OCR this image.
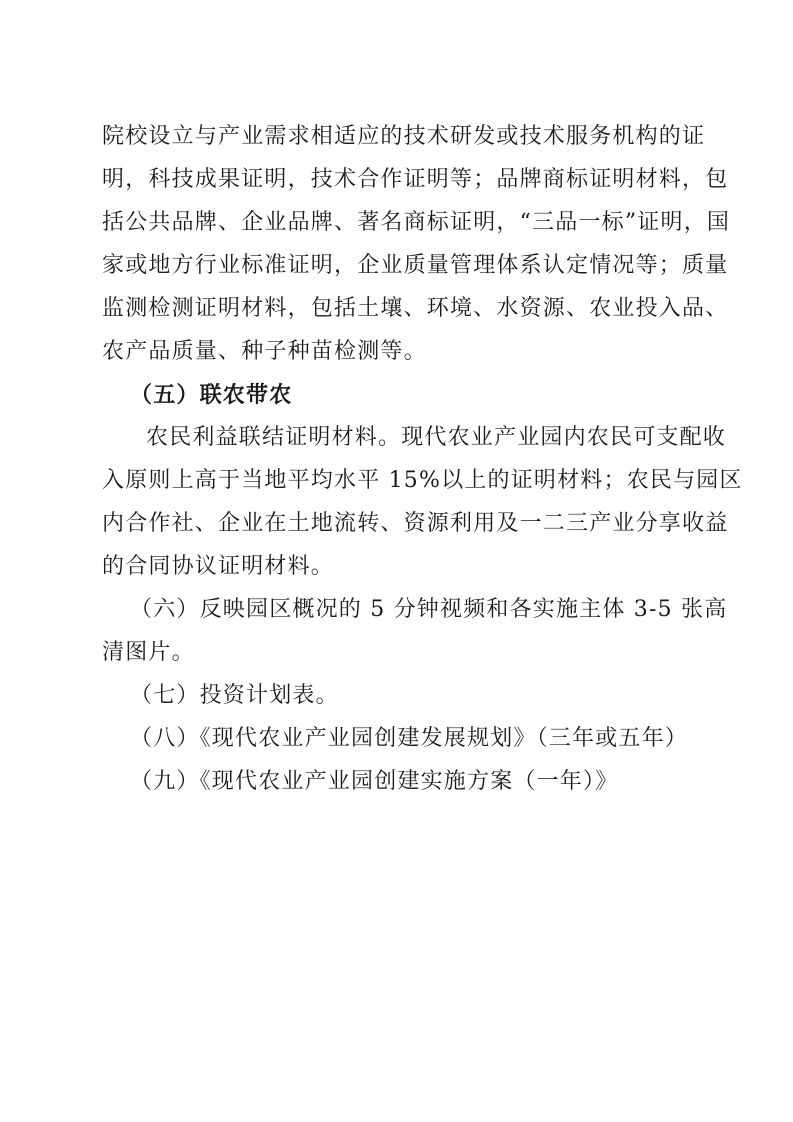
院校设立与产业需求相适应的技术研发或技术服务机构的证
明，科技成果证明，技术合作证明等；品牌商标证明材料，包
括公共品牌、企业品牌、著名商标证明，“三品一标”证明，国
家或地方行业标准证明，企业质量管理体系认定情况等；质量
监测检测证明材料，包括土壤、环境、水资源、农业投入品、
农产品质量、种子种苗检测等。
（五）联农带农
农民利益联结证明材料。现代农业产业园内农民可支配收
入原则上高于当地平均水平 15%以上的证明材料；农民与园区
内合作社、企业在土地流转、资源利用及一二三产业分享收益
的合同协议证明材料。
（六）反映园区概况的 5 分钟视频和各实施主体 3-5 张高
清图片。
（七）投资计划表。
（八）《现代农业产业园创建发展规划》（三年或五年）
（九）《现代农业产业园创建实施方案（一年）》
